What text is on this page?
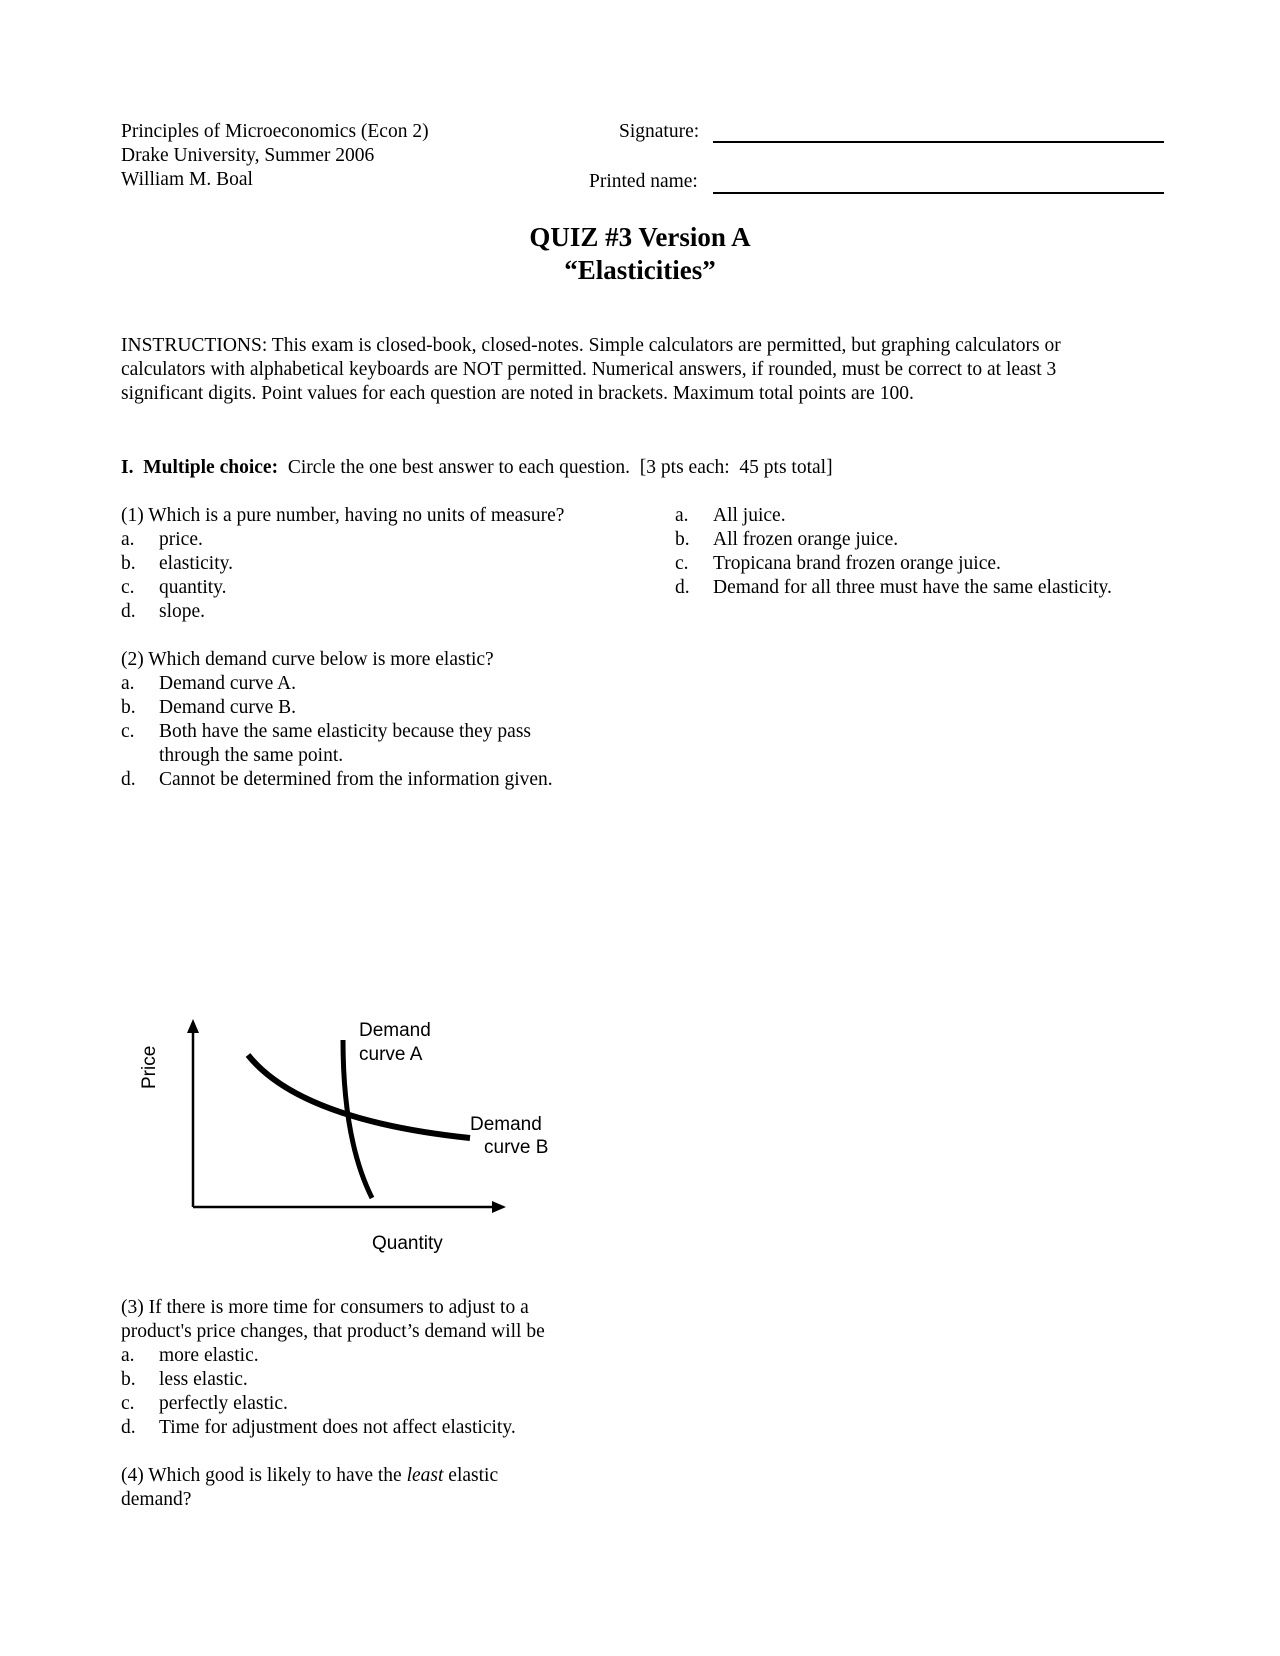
Principles of Microeconomics (Econ 2)
Drake University, Summer 2006
William M. Boal
Signature:
Printed name:
QUIZ #3 Version A
“Elasticities”
INSTRUCTIONS: This exam is closed-book, closed-notes. Simple calculators are permitted, but graphing calculators or
calculators with alphabetical keyboards are NOT permitted. Numerical answers, if rounded, must be correct to at least 3
significant digits. Point values for each question are noted in brackets. Maximum total points are 100.
I.  Multiple choice:  Circle the one best answer to each question.  [3 pts each:  45 pts total]
(1) Which is a pure number, having no units of measure?
a. price.
b. elasticity.
c. quantity.
d. slope.
(2) Which demand curve below is more elastic?
a. Demand curve A.
b. Demand curve B.
c. Both have the same elasticity because they pass through the same point.
d. Cannot be determined from the information given.
Price
Quantity
Demand
curve A
Demand
curve B
(3) If there is more time for consumers to adjust to a
product's price changes, that product’s demand will be
a. more elastic.
b. less elastic.
c. perfectly elastic.
d. Time for adjustment does not affect elasticity.
(4) Which good is likely to have the least elastic
demand?
a. All juice.
b. All frozen orange juice.
c. Tropicana brand frozen orange juice.
d. Demand for all three must have the same elasticity.
